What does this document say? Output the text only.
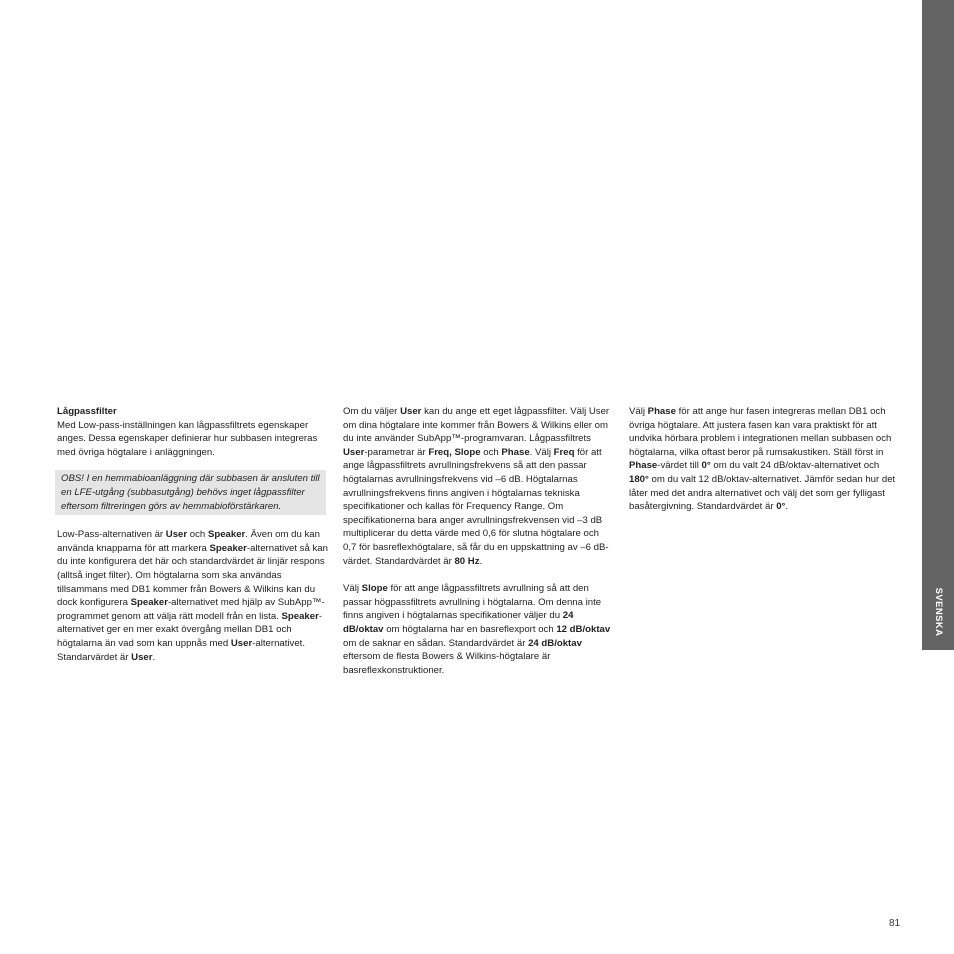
SVENSKA

Lågpassfilter

Med Low-pass-inställningen kan lågpassfiltrets egenskaper anges. Dessa egenskaper definierar hur subbasen integreras med övriga högtalare i anläggningen.

OBS! I en hemmabioanläggning där subbasen är ansluten till en LFE-utgång (subbasutgång) behövs inget lågpassfilter eftersom filtreringen görs av hemmabioförstärkaren.

Low-Pass-alternativen är User och Speaker. Även om du kan använda knapparna för att markera Speaker-alternativet så kan du inte konfigurera det här och standardvärdet är linjär respons (alltså inget filter). Om högtalarna som ska användas tillsammans med DB1 kommer från Bowers & Wilkins kan du dock konfigurera Speaker-alternativet med hjälp av SubApp™-programmet genom att välja rätt modell från en lista. Speaker-alternativet ger en mer exakt övergång mellan DB1 och högtalarna än vad som kan uppnås med User-alternativet. Standarvärdet är User.

Om du väljer User kan du ange ett eget lågpassfilter. Välj User om dina högtalare inte kommer från Bowers & Wilkins eller om du inte använder SubApp™-programvaran. Lågpassfiltrets User-parametrar är Freq, Slope och Phase. Välj Freq för att ange lågpassfiltrets avrullningsfrekvens så att den passar högtalarnas avrullningsfrekvens vid –6 dB. Högtalarnas avrullningsfrekvens finns angiven i högtalarnas tekniska specifikationer och kallas för Frequency Range. Om specifikationerna bara anger avrullningsfrekvensen vid –3 dB multiplicerar du detta värde med 0,6 för slutna högtalare och 0,7 för basreflexhögtalare, så får du en uppskattning av –6 dB-värdet. Standardvärdet är 80 Hz.

Välj Slope för att ange lågpassfiltrets avrullning så att den passar högpassfiltrets avrullning i högtalarna. Om denna inte finns angiven i högtalarnas specifikationer väljer du 24 dB/oktav om högtalarna har en basreflexport och 12 dB/oktav om de saknar en sådan. Standardvärdet är 24 dB/oktav eftersom de flesta Bowers & Wilkins-högtalare är basreflexkonstruktioner.

Välj Phase för att ange hur fasen integreras mellan DB1 och övriga högtalare. Att justera fasen kan vara praktiskt för att undvika hörbara problem i integrationen mellan subbasen och högtalarna, vilka oftast beror på rumsakustiken. Ställ först in Phase-värdet till 0° om du valt 24 dB/oktav-alternativet och 180° om du valt 12 dB/oktav-alternativet. Jämför sedan hur det låter med det andra alternativet och välj det som ger fylligast basåtergivning. Standardvärdet är 0°.

81
